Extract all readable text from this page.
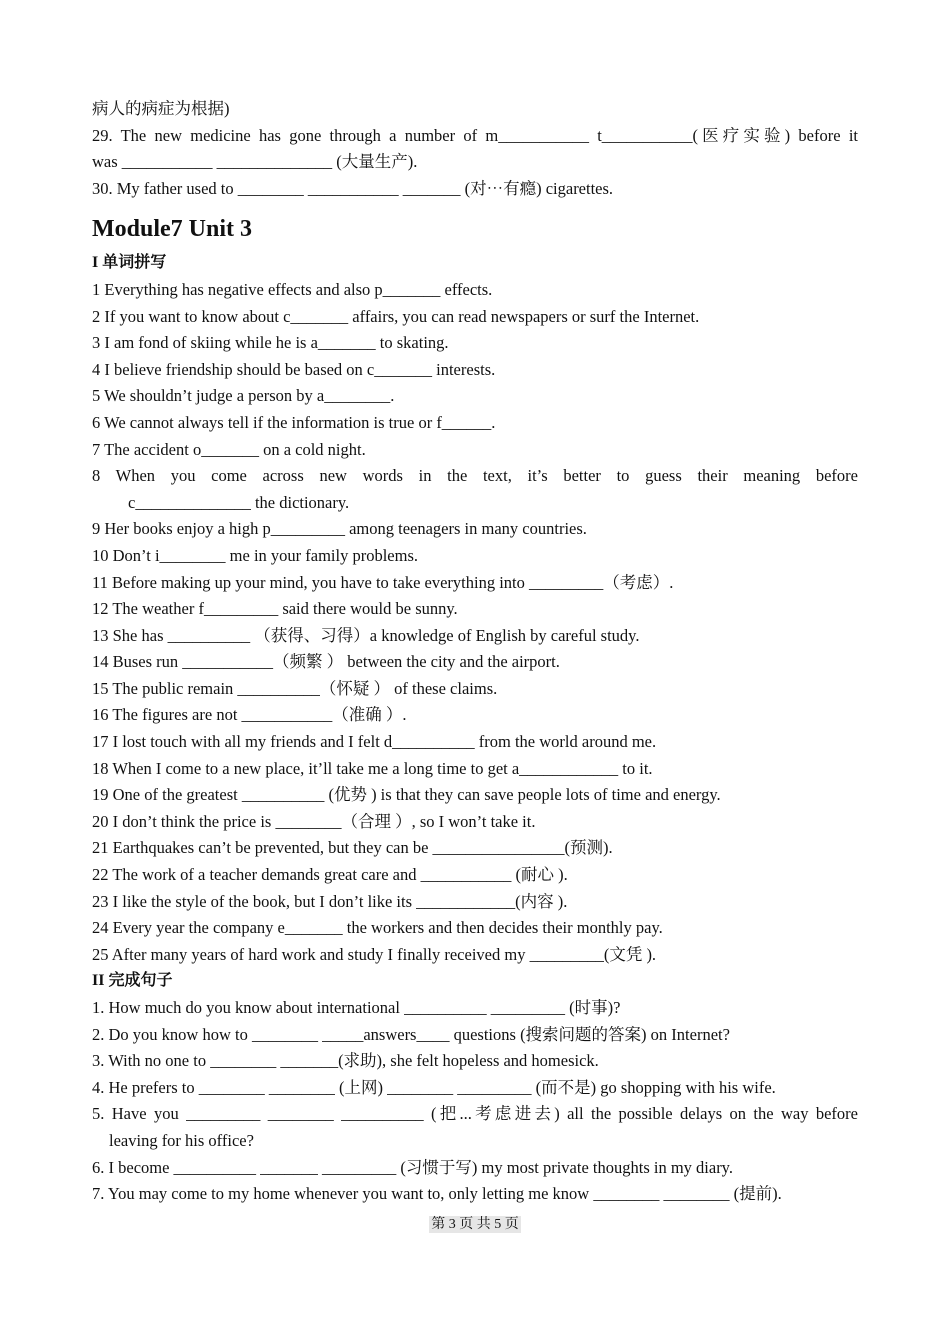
病人的病症为根据)
29. The new medicine has gone through a number of m___________ t___________(医疗实验) before it
was ___________ ______________ (大量生产).
30. My father used to ________ ___________ _______ (对⋯有瘾) cigarettes.
Module7 Unit 3
I 单词拼写
1 Everything has negative effects and also p_______ effects.
2 If you want to know about c_______ affairs, you can read newspapers or surf the Internet.
3 I am fond of skiing while he is a_______ to skating.
4 I believe friendship should be based on c_______ interests.
5 We shouldn’t judge a person by a________.
6 We cannot always tell if the information is true or f______.
7 The accident o_______ on a cold night.
8 When you come across new words in the text, it’s better to guess their meaning before
c______________ the dictionary.
9 Her books enjoy a high p_________ among teenagers in many countries.
10 Don’t i________ me in your family problems.
11 Before making up your mind, you have to take everything into _________（考虑）.
12 The weather f_________ said there would be sunny.
13 She has __________ （获得、习得）a knowledge of English by careful study.
14 Buses run ___________（频繁 ） between the city and the airport.
15 The public remain __________（怀疑 ） of these claims.
16 The figures are not ___________（准确 ）.
17 I lost touch with all my friends and I felt d__________ from the world around me.
18 When I come to a new place, it’ll take me a long time to get a____________ to it.
19 One of the greatest __________ (优势 ) is that they can save people lots of time and energy.
20 I don’t think the price is ________（合理 ）, so I won’t take it.
21 Earthquakes can’t be prevented, but they can be ________________(预测).
22 The work of a teacher demands great care and ___________ (耐心 ).
23 I like the style of the book, but I don’t like its ____________(内容 ).
24 Every year the company e_______ the workers and then decides their monthly pay.
25 After many years of hard work and study I finally received my _________(文凭 ).
II 完成句子
1. How much do you know about international __________ _________ (时事)?
2. Do you know how to ________ _____answers____ questions (搜索问题的答案) on Internet?
3. With no one to ________ _______(求助), she felt hopeless and homesick.
4. He prefers to ________ ________ (上网) ________ _________ (而不是) go shopping with his wife.
5. Have you _________ ________ __________ (把...考虑进去) all the possible delays on the way before
leaving for his office?
6. I become __________ _______ _________ (习惯于写) my most private thoughts in my diary.
7. You may come to my home whenever you want to, only letting me know ________ ________ (提前).
第 3 页 共 5 页
